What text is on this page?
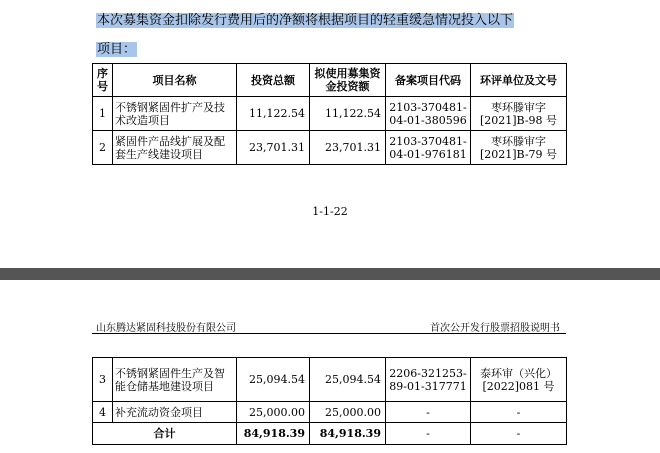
本次募集资金扣除发行费用后的净额将根据项目的轻重缓急情况投入以下
项目：
序号	项目名称	投资总额	拟使用募集资金投资额	备案项目代码	环评单位及文号
1	不锈钢紧固件扩产及技术改造项目	11,122.54	11,122.54	2103-370481-04-01-380596	枣环滕审字[2021]B-98 号
2	紧固件产品线扩展及配套生产线建设项目	23,701.31	23,701.31	2103-370481-04-01-976181	枣环滕审字[2021]B-79 号
1-1-22
山东腾达紧固科技股份有限公司	首次公开发行股票招股说明书
3	不锈钢紧固件生产及智能仓储基地建设项目	25,094.54	25,094.54	2206-321253-89-01-317771	泰环审（兴化）[2022]081 号
4	补充流动资金项目	25,000.00	25,000.00	-	-
合计		84,918.39	84,918.39	-	-
